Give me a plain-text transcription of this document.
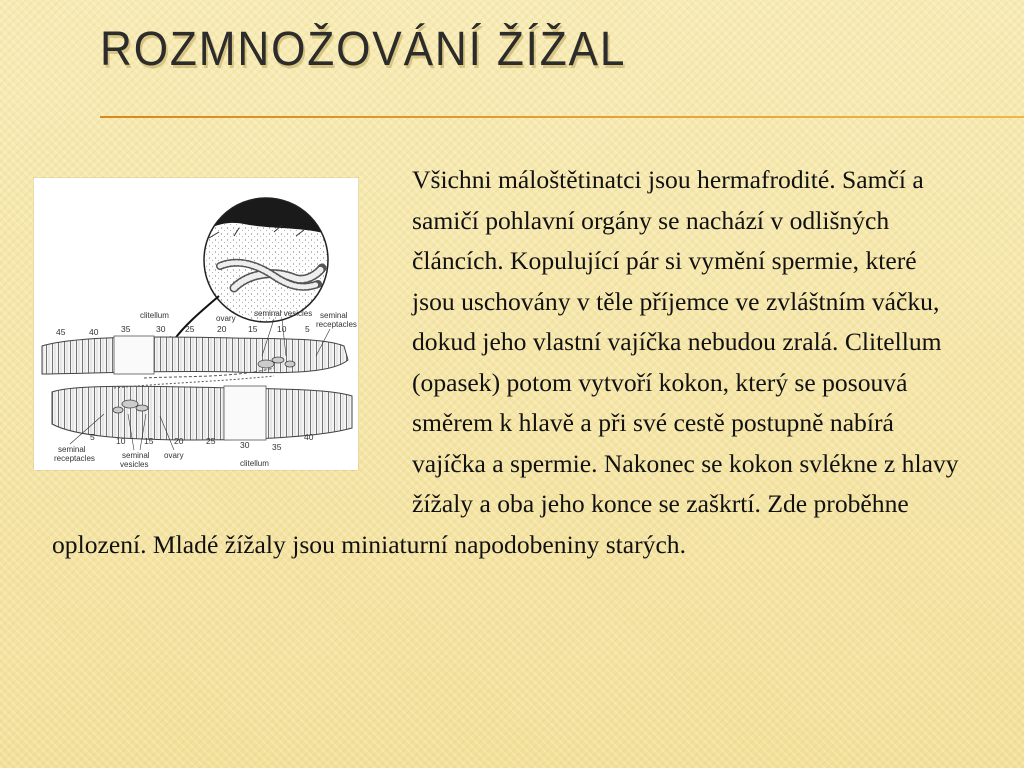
ROZMNOŽOVÁNÍ ŽÍŽAL
clitellum	ovary
seminal vesicles seminal
receptacles
45	40	35	30 25	20	15 10 5
5	10 15 20	25	30	35
40
seminal
receptacles	seminal
vesicles
ovary
clitellum

Všichni máloštětinatci jsou hermafrodité. Samčí a samičí pohlavní orgány se nachází v odlišných článcích. Kopulující pár si vymění spermie, které jsou uschovány v těle příjemce ve zvláštním váčku, dokud jeho vlastní vajíčka nebudou zralá. Clitellum (opasek) potom vytvoří kokon, který se posouvá směrem k hlavě a při své cestě postupně nabírá vajíčka a spermie. Nakonec se kokon svlékne z hlavy žížaly a oba jeho konce se zaškrtí. Zde proběhne oplození. Mladé žížaly jsou miniaturní napodobeniny starých.
